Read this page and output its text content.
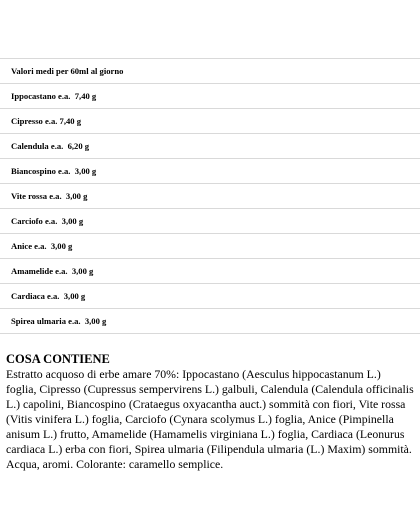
Valori medi per 60ml al giorno
Ippocastano e.a.  7,40 g
Cipresso e.a. 7,40 g
Calendula e.a.  6,20 g
Biancospino e.a.  3,00 g
Vite rossa e.a.  3,00 g
Carciofo e.a.  3,00 g
Anice e.a.  3,00 g
Amamelide e.a.  3,00 g
Cardiaca e.a.  3,00 g
Spirea ulmaria e.a.  3,00 g
COSA CONTIENE

Estratto acquoso di erbe amare 70%: Ippocastano (Aesculus hippocastanum L.) foglia, Cipresso (Cupressus sempervirens L.) galbuli, Calendula (Calendula officinalis L.) capolini, Biancospino (Crataegus oxyacantha auct.) sommità con fiori, Vite rossa (Vitis vinifera L.) foglia, Carciofo (Cynara scolymus L.) foglia, Anice (Pimpinella anisum L.) frutto, Amamelide (Hamamelis virginiana L.) foglia, Cardiaca (Leonurus cardiaca L.) erba con fiori, Spirea ulmaria (Filipendula ulmaria (L.) Maxim) sommità. Acqua, aromi. Colorante: caramello semplice.
